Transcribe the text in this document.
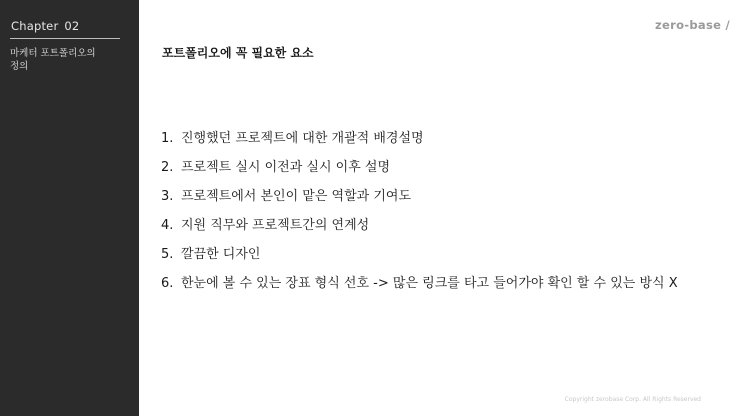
Chapter 02
마케터 포트폴리오의
정의
zero-base /
포트폴리오에 꼭 필요한 요소
1. 진행했던 프로젝트에 대한 개괄적 배경설명
2. 프로젝트 실시 이전과 실시 이후 설명
3. 프로젝트에서 본인이 맡은 역할과 기여도
4. 지원 직무와 프로젝트간의 연계성
5. 깔끔한 디자인
6. 한눈에 볼 수 있는 장표 형식 선호 -> 많은 링크를 타고 들어가야 확인 할 수 있는 방식 X
Copyright zerobase Corp. All Rights Reserved
